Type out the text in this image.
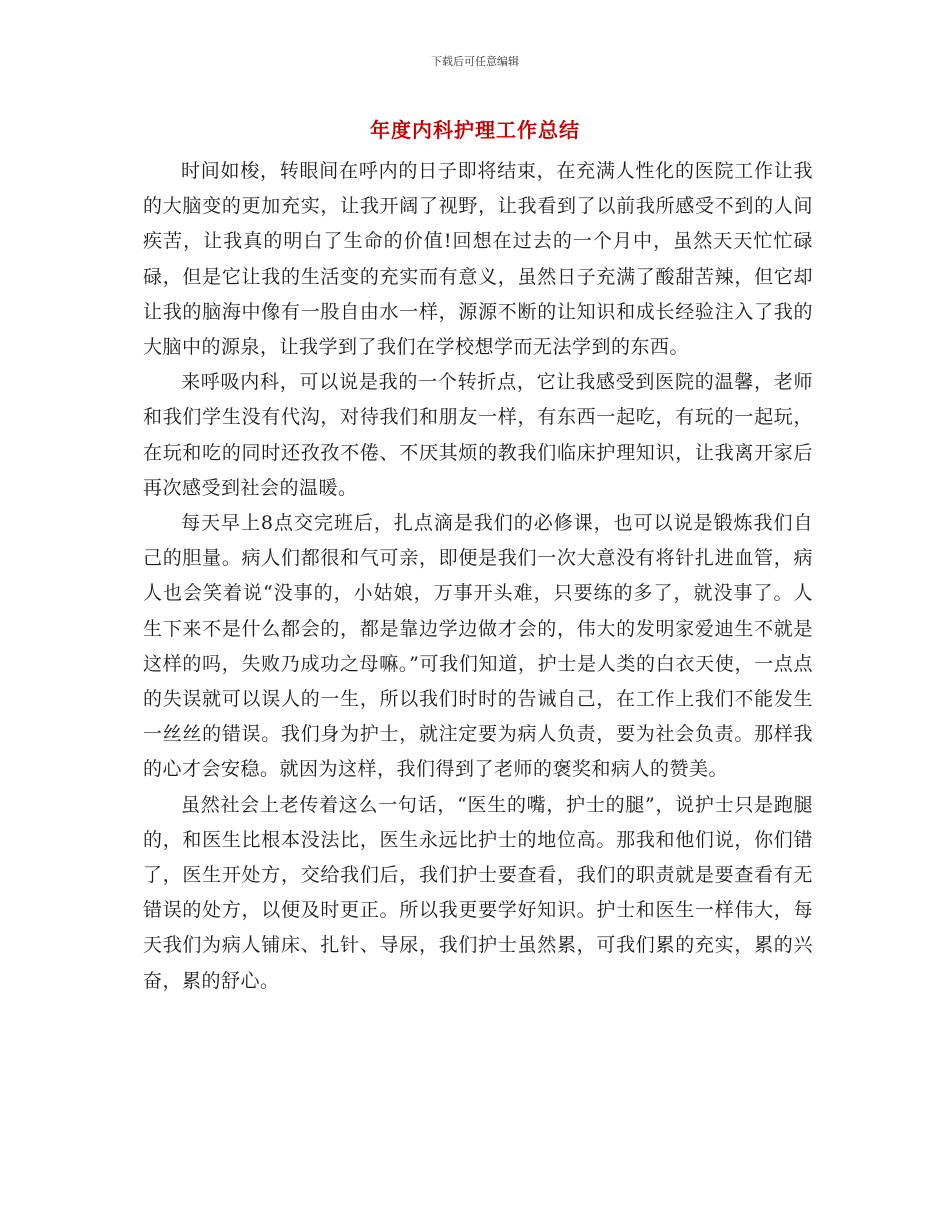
下载后可任意编辑
年度内科护理工作总结

时间如梭，转眼间在呼内的日子即将结束，在充满人性化的医院工作让我的大脑变的更加充实，让我开阔了视野，让我看到了以前我所感受不到的人间疾苦，让我真的明白了生命的价值!回想在过去的一个月中，虽然天天忙忙碌碌，但是它让我的生活变的充实而有意义，虽然日子充满了酸甜苦辣，但它却让我的脑海中像有一股自由水一样，源源不断的让知识和成长经验注入了我的大脑中的源泉，让我学到了我们在学校想学而无法学到的东西。

来呼吸内科，可以说是我的一个转折点，它让我感受到医院的温馨，老师和我们学生没有代沟，对待我们和朋友一样，有东西一起吃，有玩的一起玩，在玩和吃的同时还孜孜不倦、不厌其烦的教我们临床护理知识，让我离开家后再次感受到社会的温暖。

每天早上8点交完班后，扎点滴是我们的必修课，也可以说是锻炼我们自己的胆量。病人们都很和气可亲，即便是我们一次大意没有将针扎进血管，病人也会笑着说“没事的，小姑娘，万事开头难，只要练的多了，就没事了。人生下来不是什么都会的，都是靠边学边做才会的，伟大的发明家爱迪生不就是这样的吗，失败乃成功之母嘛。”可我们知道，护士是人类的白衣天使，一点点的失误就可以误人的一生，所以我们时时的告诫自己，在工作上我们不能发生一丝丝的错误。我们身为护士，就注定要为病人负责，要为社会负责。那样我的心才会安稳。就因为这样，我们得到了老师的褒奖和病人的赞美。

虽然社会上老传着这么一句话，“医生的嘴，护士的腿”，说护士只是跑腿的，和医生比根本没法比，医生永远比护士的地位高。那我和他们说，你们错了，医生开处方，交给我们后，我们护士要查看，我们的职责就是要查看有无错误的处方，以便及时更正。所以我更要学好知识。护士和医生一样伟大，每天我们为病人铺床、扎针、导尿，我们护士虽然累，可我们累的充实，累的兴奋，累的舒心。
